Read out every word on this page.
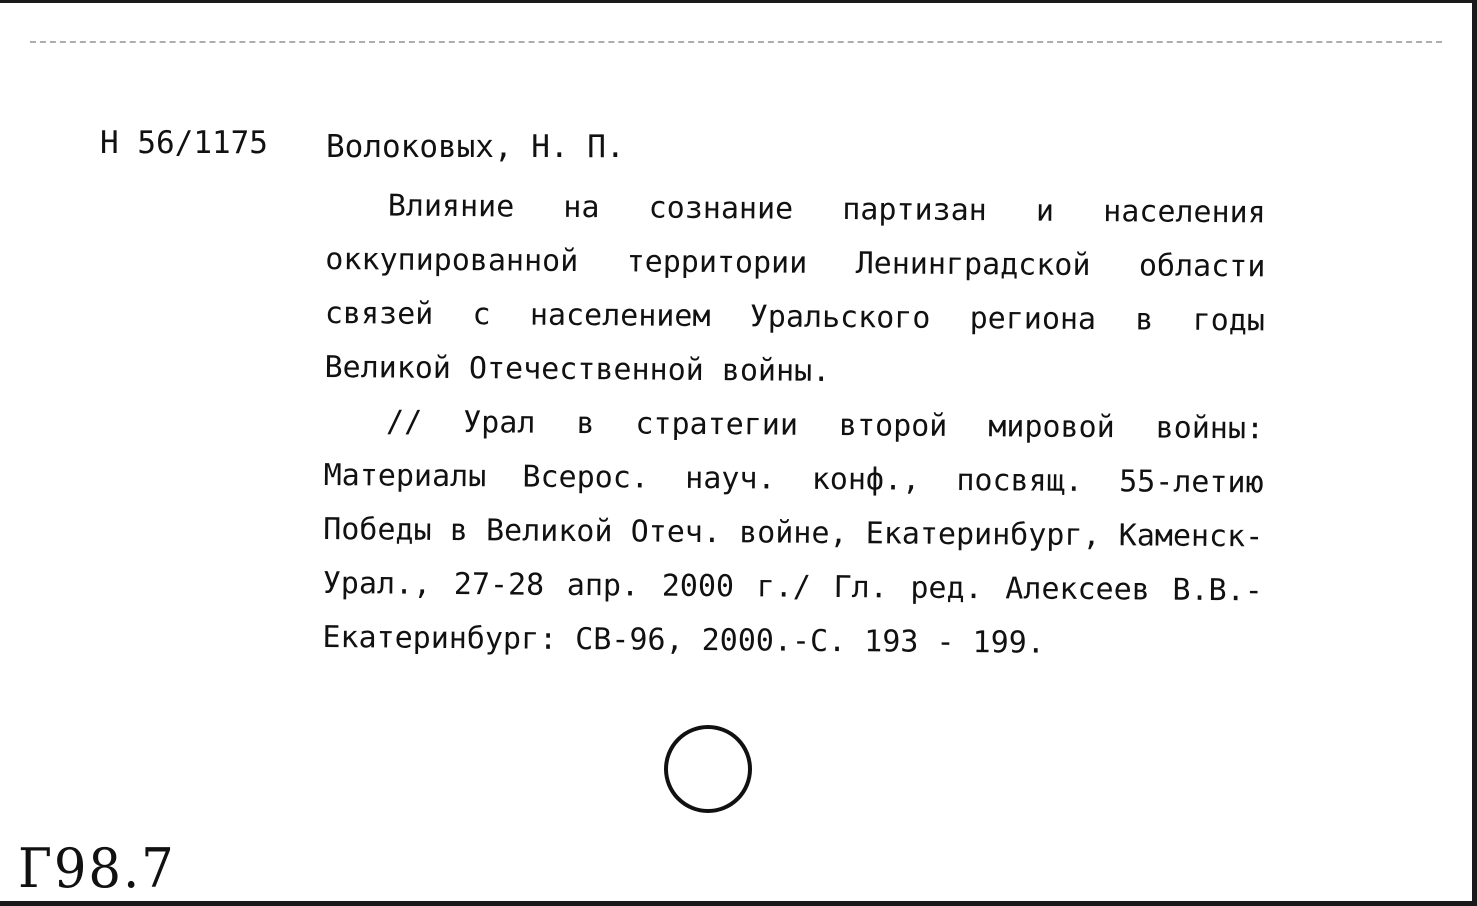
Н 56/1175 Волоковых, Н. П.

Влияние на сознание партизан и населения оккупированной территории Ленинградской области связей с населением Уральского региона в годы Великой Отечественной войны.

// Урал в стратегии второй мировой войны: Материалы Всерос. науч. конф., посвящ. 55-летию Победы в Великой Отеч. войне, Екатеринбург, Каменск- Урал., 27-28 апр. 2000 г./ Гл. ред. Алексеев В.В.- Екатеринбург: СВ-96, 2000.-С. 193 - 199.

Г98.7
